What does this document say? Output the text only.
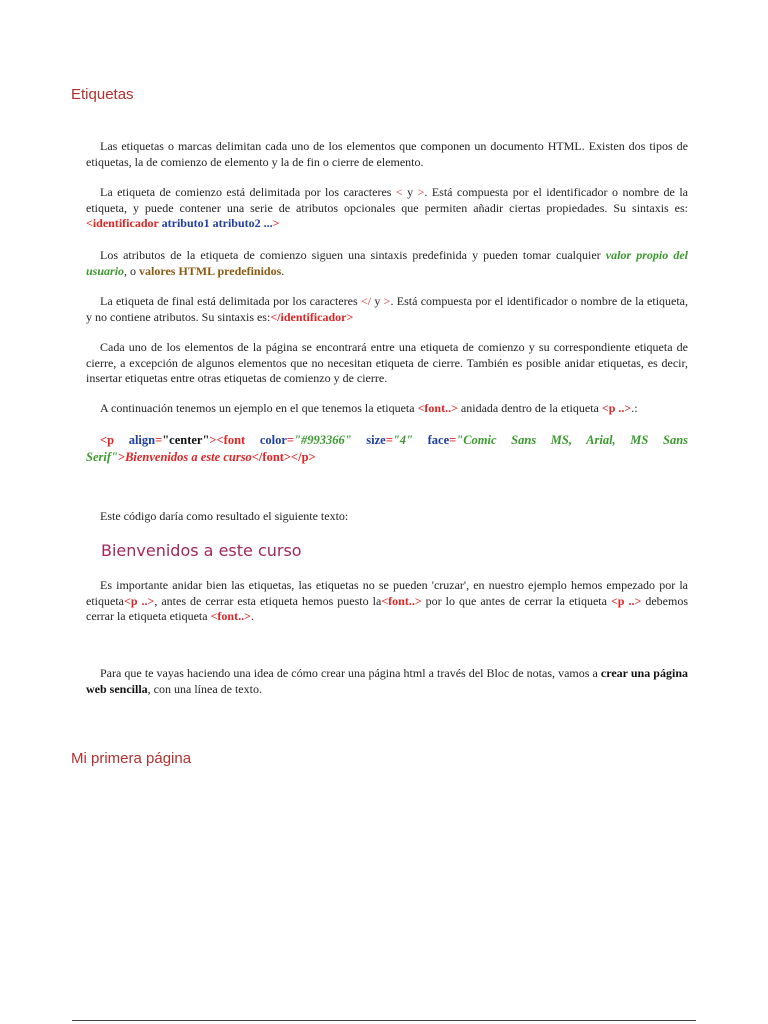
Etiquetas

Las etiquetas o marcas delimitan cada uno de los elementos que componen un documento HTML. Existen dos tipos de etiquetas, la de comienzo de elemento y la de fin o cierre de elemento.

La etiqueta de comienzo está delimitada por los caracteres < y >. Está compuesta por el identificador o nombre de la etiqueta, y puede contener una serie de atributos opcionales que permiten añadir ciertas propiedades. Su sintaxis es: <identificador atributo1 atributo2 ...>

Los atributos de la etiqueta de comienzo siguen una sintaxis predefinida y pueden tomar cualquier valor propio del usuario, o valores HTML predefinidos.

La etiqueta de final está delimitada por los caracteres </ y >. Está compuesta por el identificador o nombre de la etiqueta, y no contiene atributos. Su sintaxis es:</identificador>

Cada uno de los elementos de la página se encontrará entre una etiqueta de comienzo y su correspondiente etiqueta de cierre, a excepción de algunos elementos que no necesitan etiqueta de cierre. También es posible anidar etiquetas, es decir, insertar etiquetas entre otras etiquetas de comienzo y de cierre.

A continuación tenemos un ejemplo en el que tenemos la etiqueta <font..> anidada dentro de la etiqueta <p ..>.:

<p align="center"><font color="#993366" size="4" face="Comic Sans MS, Arial, MS Sans Serif">Bienvenidos a este curso</font></p>

Este código daría como resultado el siguiente texto:

Bienvenidos a este curso

Es importante anidar bien las etiquetas, las etiquetas no se pueden 'cruzar', en nuestro ejemplo hemos empezado por la etiqueta<p ..>, antes de cerrar esta etiqueta hemos puesto la<font..> por lo que antes de cerrar la etiqueta <p ..> debemos cerrar la etiqueta etiqueta <font..>.

Para que te vayas haciendo una idea de cómo crear una página html a través del Bloc de notas, vamos a crear una página web sencilla, con una línea de texto.

Mi primera página
